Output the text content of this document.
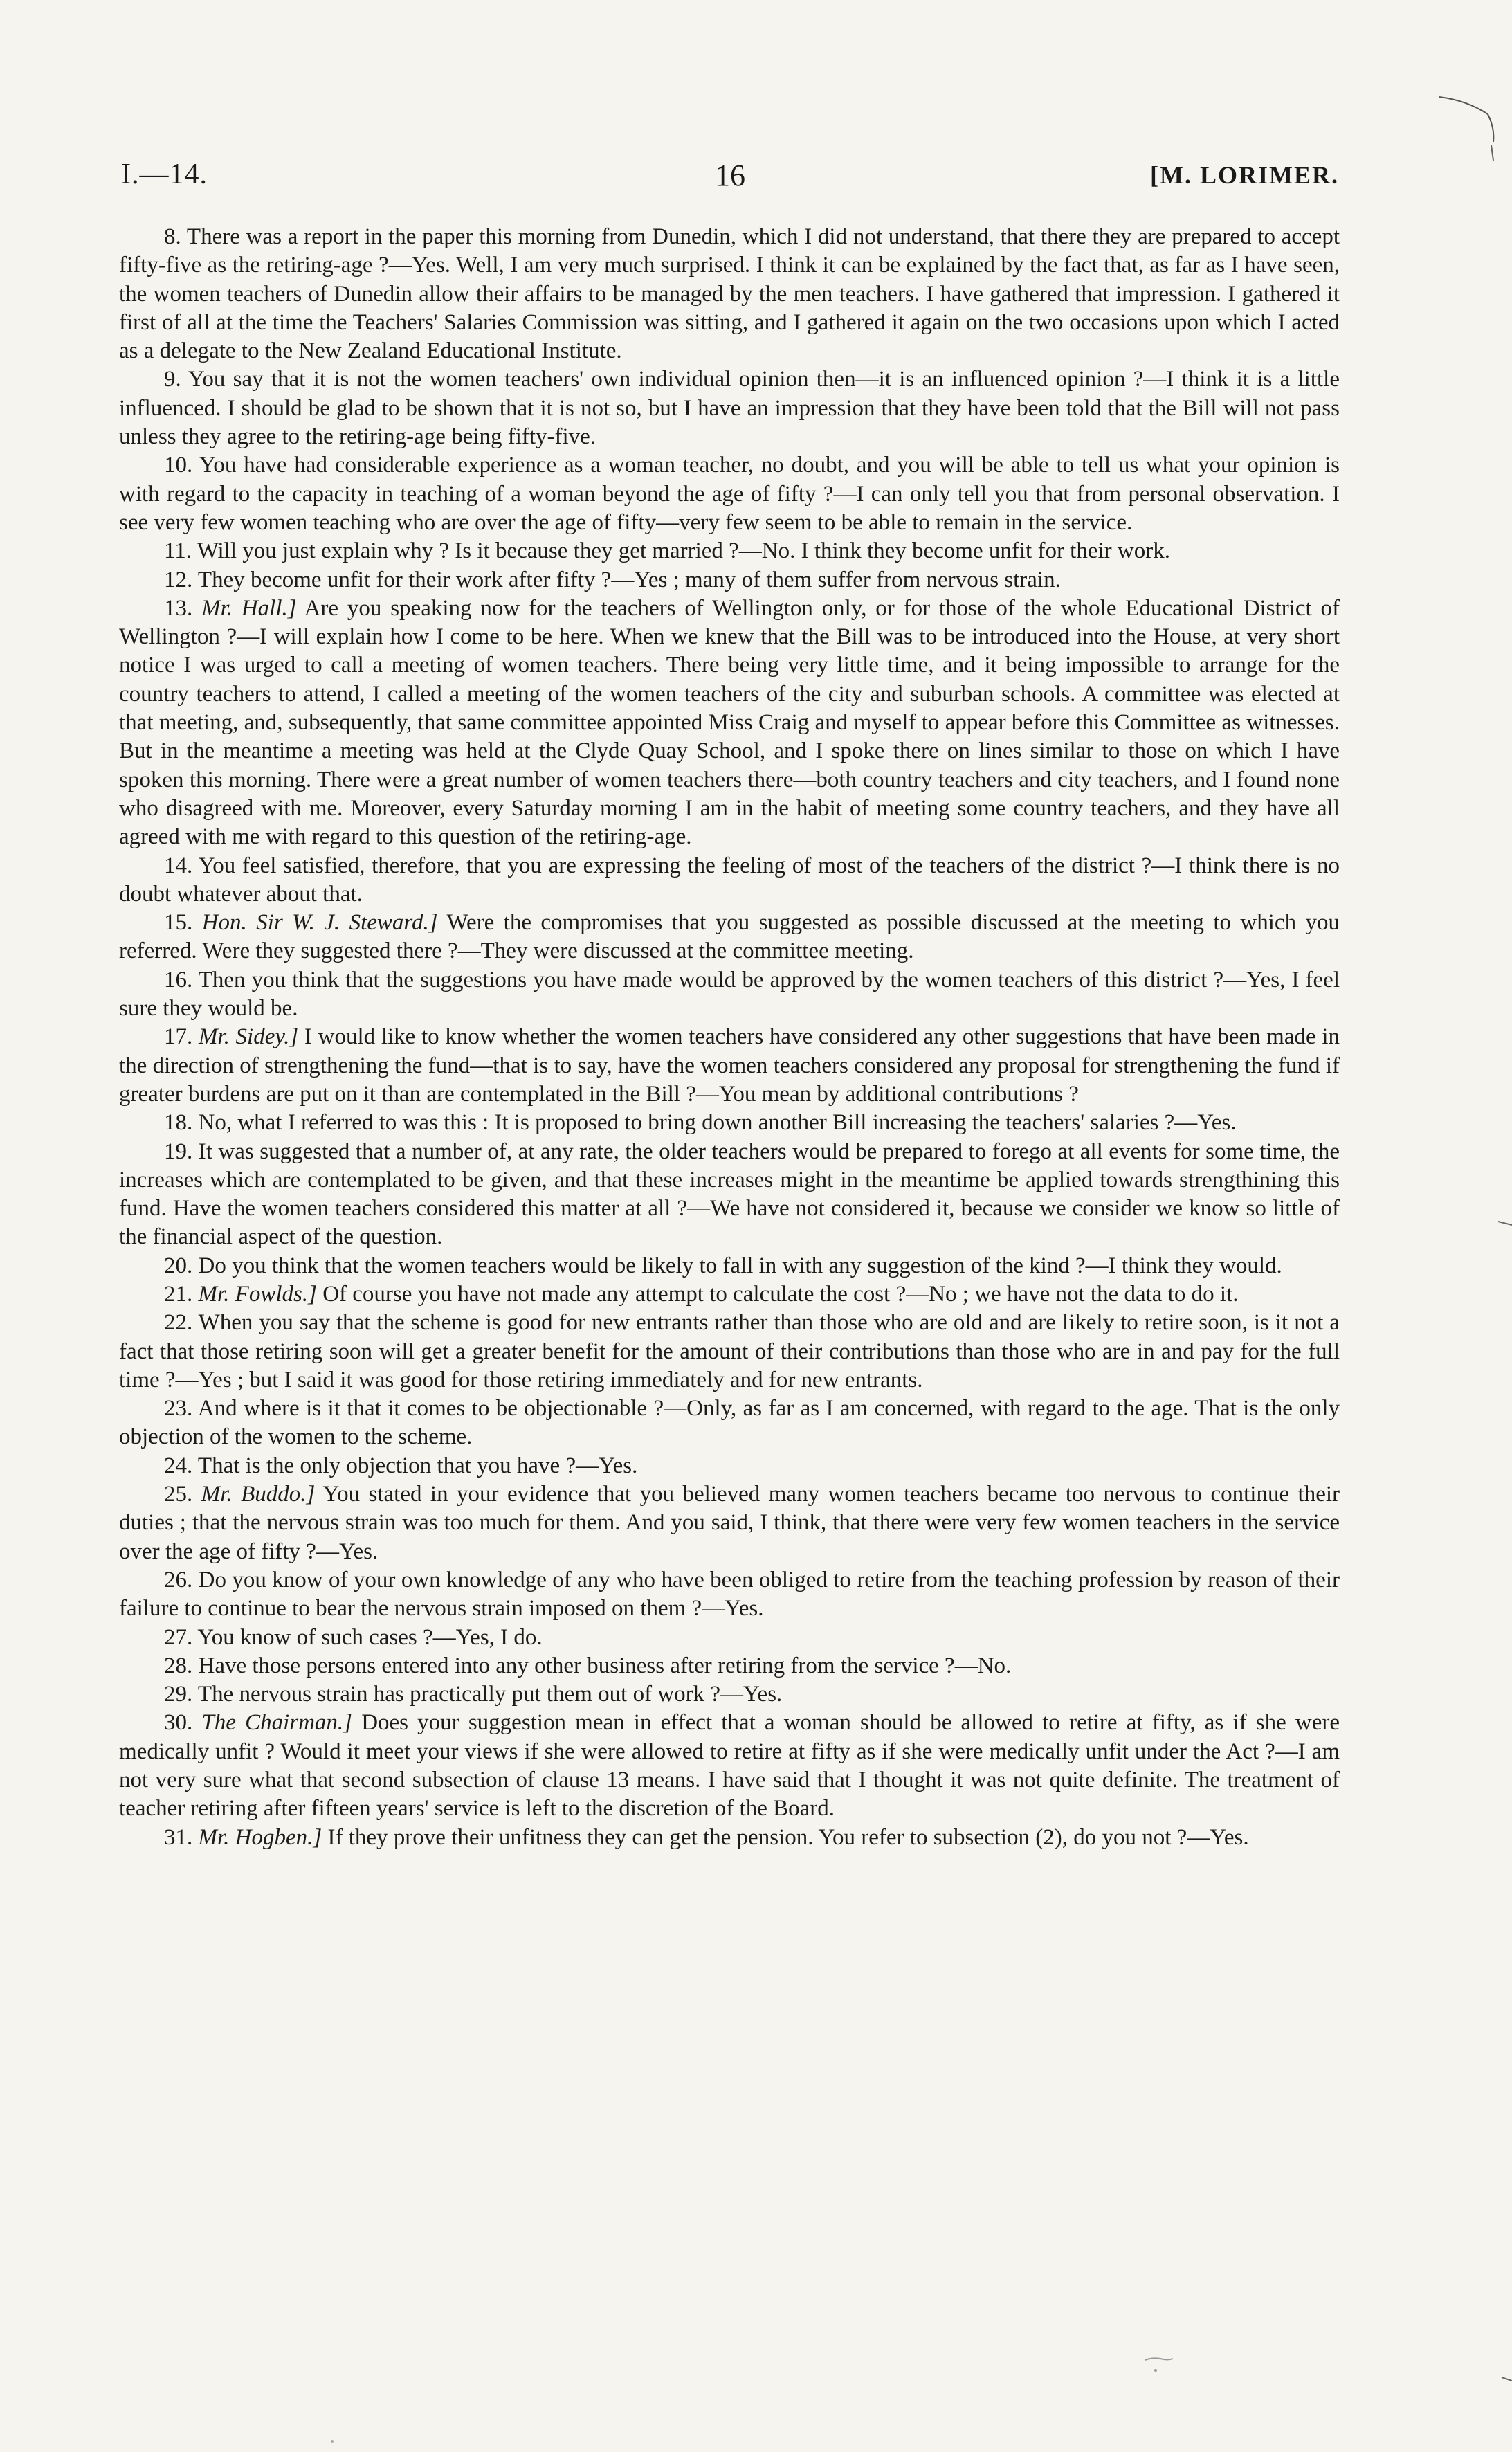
I.—14.	16	[M. LORIMER.

8. There was a report in the paper this morning from Dunedin, which I did not understand, that there they are prepared to accept fifty-five as the retiring-age ?—Yes. Well, I am very much surprised. I think it can be explained by the fact that, as far as I have seen, the women teachers of Dunedin allow their affairs to be managed by the men teachers. I have gathered that impression. I gathered it first of all at the time the Teachers' Salaries Commission was sitting, and I gathered it again on the two occasions upon which I acted as a delegate to the New Zealand Educational Institute.

9. You say that it is not the women teachers' own individual opinion then—it is an influenced opinion ?—I think it is a little influenced. I should be glad to be shown that it is not so, but I have an impression that they have been told that the Bill will not pass unless they agree to the retiring-age being fifty-five.

10. You have had considerable experience as a woman teacher, no doubt, and you will be able to tell us what your opinion is with regard to the capacity in teaching of a woman beyond the age of fifty ?—I can only tell you that from personal observation. I see very few women teaching who are over the age of fifty—very few seem to be able to remain in the service.

11. Will you just explain why ? Is it because they get married ?—No. I think they become unfit for their work.

12. They become unfit for their work after fifty ?—Yes ; many of them suffer from nervous strain.

13. Mr. Hall.] Are you speaking now for the teachers of Wellington only, or for those of the whole Educational District of Wellington ?—I will explain how I come to be here. When we knew that the Bill was to be introduced into the House, at very short notice I was urged to call a meeting of women teachers. There being very little time, and it being impossible to arrange for the country teachers to attend, I called a meeting of the women teachers of the city and suburban schools. A committee was elected at that meeting, and, subsequently, that same committee appointed Miss Craig and myself to appear before this Committee as witnesses. But in the meantime a meeting was held at the Clyde Quay School, and I spoke there on lines similar to those on which I have spoken this morning. There were a great number of women teachers there—both country teachers and city teachers, and I found none who disagreed with me. Moreover, every Saturday morning I am in the habit of meeting some country teachers, and they have all agreed with me with regard to this question of the retiring-age.

14. You feel satisfied, therefore, that you are expressing the feeling of most of the teachers of the district ?—I think there is no doubt whatever about that.

15. Hon. Sir W. J. Steward.] Were the compromises that you suggested as possible discussed at the meeting to which you referred. Were they suggested there ?—They were discussed at the committee meeting.

16. Then you think that the suggestions you have made would be approved by the women teachers of this district ?—Yes, I feel sure they would be.

17. Mr. Sidey.] I would like to know whether the women teachers have considered any other suggestions that have been made in the direction of strengthening the fund—that is to say, have the women teachers considered any proposal for strengthening the fund if greater burdens are put on it than are contemplated in the Bill ?—You mean by additional contributions ?

18. No, what I referred to was this : It is proposed to bring down another Bill increasing the teachers' salaries ?—Yes.

19. It was suggested that a number of, at any rate, the older teachers would be prepared to forego at all events for some time, the increases which are contemplated to be given, and that these increases might in the meantime be applied towards strengthining this fund. Have the women teachers considered this matter at all ?—We have not considered it, because we consider we know so little of the financial aspect of the question.

20. Do you think that the women teachers would be likely to fall in with any suggestion of the kind ?—I think they would.

21. Mr. Fowlds.] Of course you have not made any attempt to calculate the cost ?—No ; we have not the data to do it.

22. When you say that the scheme is good for new entrants rather than those who are old and are likely to retire soon, is it not a fact that those retiring soon will get a greater benefit for the amount of their contributions than those who are in and pay for the full time ?—Yes ; but I said it was good for those retiring immediately and for new entrants.

23. And where is it that it comes to be objectionable ?—Only, as far as I am concerned, with regard to the age. That is the only objection of the women to the scheme.

24. That is the only objection that you have ?—Yes.

25. Mr. Buddo.] You stated in your evidence that you believed many women teachers became too nervous to continue their duties ; that the nervous strain was too much for them. And you said, I think, that there were very few women teachers in the service over the age of fifty ?—Yes.

26. Do you know of your own knowledge of any who have been obliged to retire from the teaching profession by reason of their failure to continue to bear the nervous strain imposed on them ?—Yes.

27. You know of such cases ?—Yes, I do.

28. Have those persons entered into any other business after retiring from the service ?—No.

29. The nervous strain has practically put them out of work ?—Yes.

30. The Chairman.] Does your suggestion mean in effect that a woman should be allowed to retire at fifty, as if she were medically unfit ? Would it meet your views if she were allowed to retire at fifty as if she were medically unfit under the Act ?—I am not very sure what that second subsection of clause 13 means. I have said that I thought it was not quite definite. The treatment of teacher retiring after fifteen years' service is left to the discretion of the Board.

31. Mr. Hogben.] If they prove their unfitness they can get the pension. You refer to subsection (2), do you not ?—Yes.
